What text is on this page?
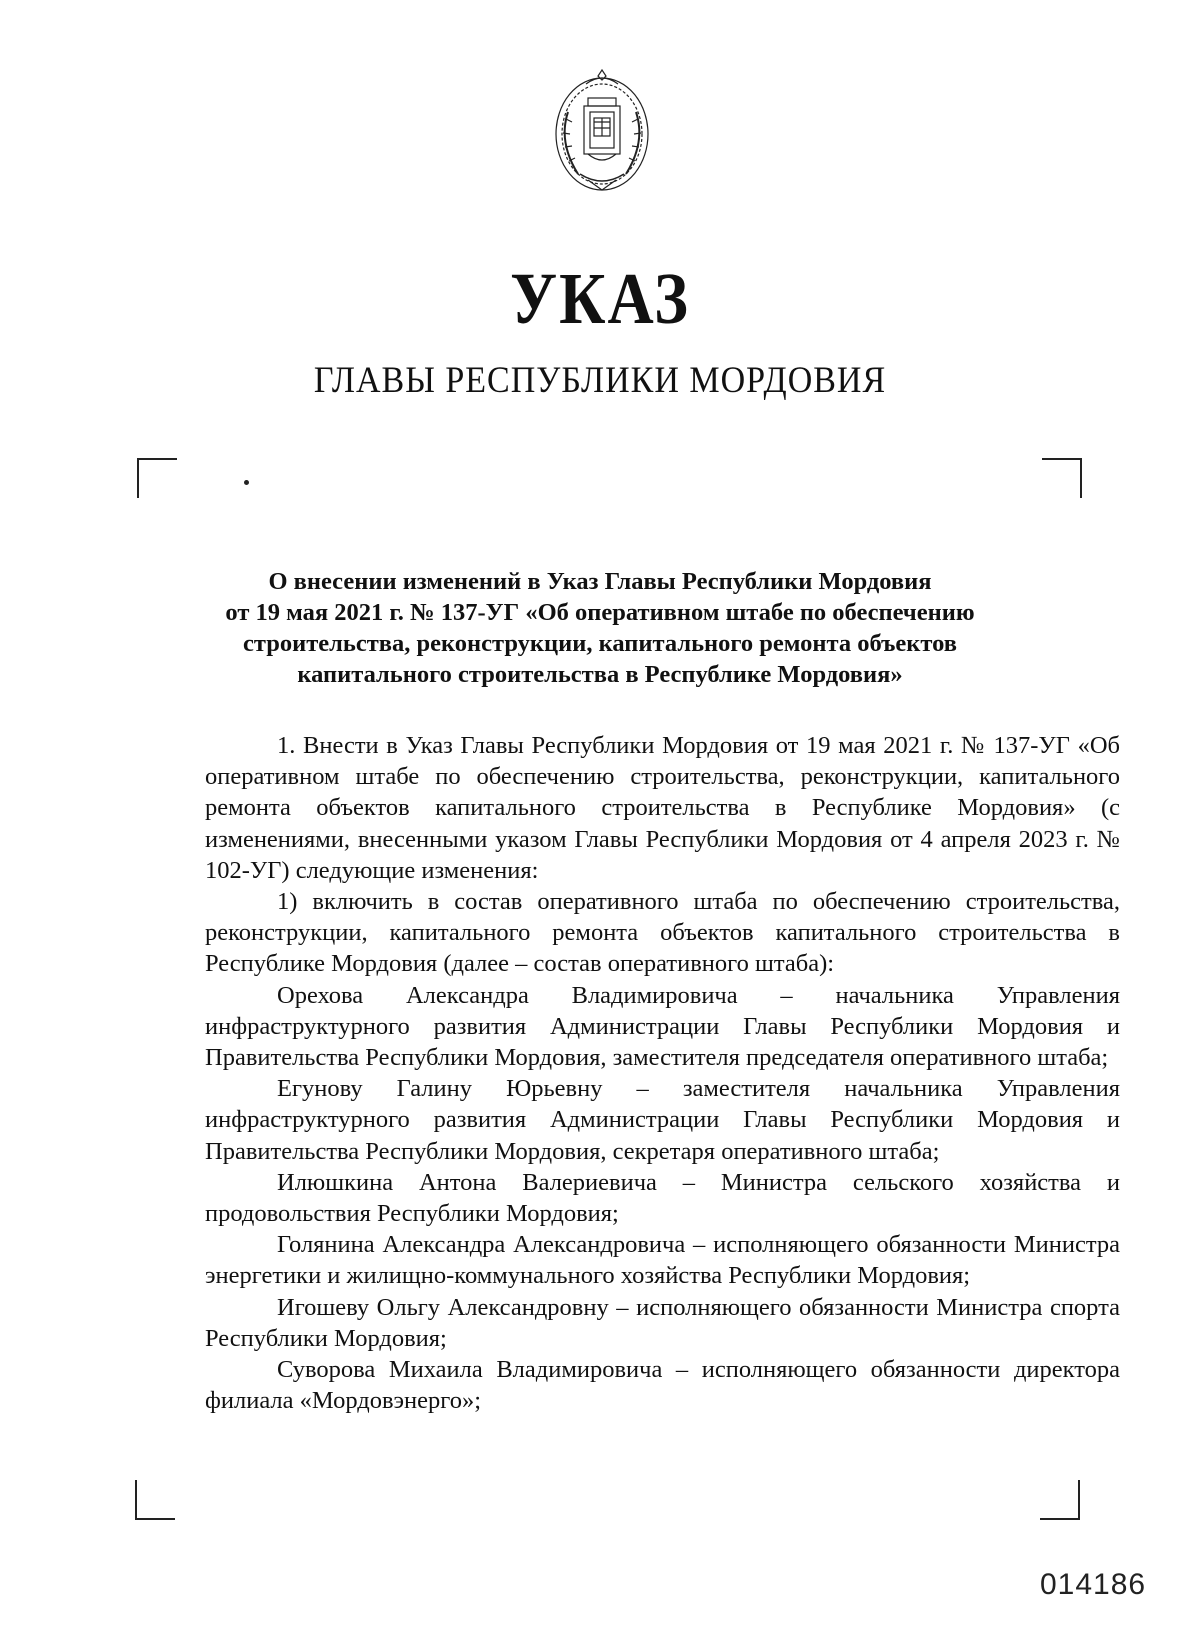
УКАЗ
ГЛАВЫ РЕСПУБЛИКИ МОРДОВИЯ
О внесении изменений в Указ Главы Республики Мордовия
от 19 мая 2021 г. № 137-УГ «Об оперативном штабе по обеспечению
строительства, реконструкции, капитального ремонта объектов
капитального строительства в Республике Мордовия»

1. Внести в Указ Главы Республики Мордовия от 19 мая 2021 г. № 137-УГ «Об оперативном штабе по обеспечению строительства, реконструкции, капитального ремонта объектов капитального строительства в Республике Мордовия» (с изменениями, внесенными указом Главы Республики Мордовия от 4 апреля 2023 г. № 102-УГ) следующие изменения:

1) включить в состав оперативного штаба по обеспечению строительства, реконструкции, капитального ремонта объектов капитального строительства в Республике Мордовия (далее – состав оперативного штаба):

Орехова Александра Владимировича – начальника Управления инфраструктурного развития Администрации Главы Республики Мордовия и Правительства Республики Мордовия, заместителя председателя оперативного штаба;

Егунову Галину Юрьевну – заместителя начальника Управления инфраструктурного развития Администрации Главы Республики Мордовия и Правительства Республики Мордовия, секретаря оперативного штаба;

Илюшкина Антона Валериевича – Министра сельского хозяйства и продовольствия Республики Мордовия;

Голянина Александра Александровича – исполняющего обязанности Министра энергетики и жилищно-коммунального хозяйства Республики Мордовия;

Игошеву Ольгу Александровну – исполняющего обязанности Министра спорта Республики Мордовия;

Суворова Михаила Владимировича – исполняющего обязанности директора филиала «Мордовэнерго»;

014186
